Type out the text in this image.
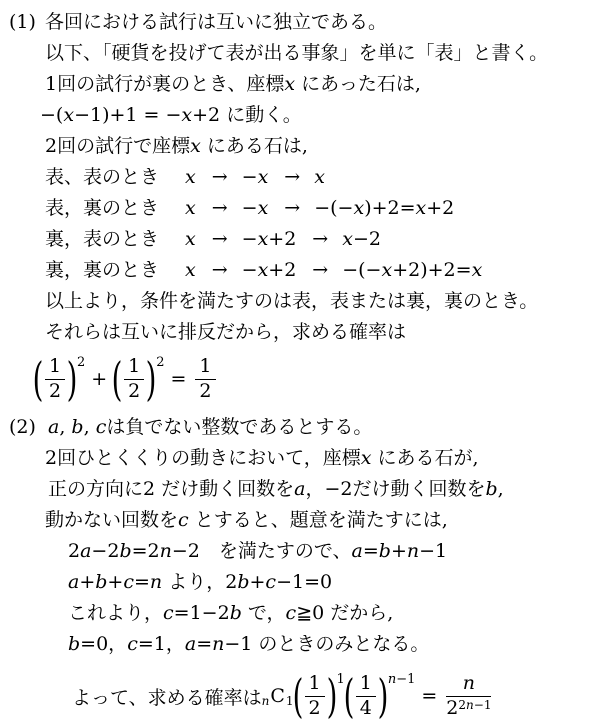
(1) 各回における試行は互いに独立である。
以下、「硬貨を投げて表が出る事象」を単に「表」と書く。
1回の試行が裏のとき、座標x にあった石は,
−(x−1)+1 = −x+2 に動く。
2回の試行で座標x にある石は,
表、表のとき x → −x → x
表，裏のとき x → −x → −(−x)+2=x+2
裏，表のとき x → −x+2 → x−2
裏，裏のとき x → −x+2 → −(−x+2)+2=x
以上より，条件を満たすのは表，表または裏，裏のとき。
それらは互いに排反だから，求める確率は
( $\frac{1}{2}$ ) 2
+ ( $\frac{1}{2}$ ) 2
= $\frac{1}{2}$
(2) a, b, cは負でない整数であるとする。
2回ひとくくりの動きにおいて，座標x にある石が,
正の方向に2 だけ動く回数をa，−2だけ動く回数をb,
動かない回数をc とすると、題意を満たすには,
2a−2b=2n−2　を満たすので、a=b+n−1
a+b+c=n より，2b+c−1=0
これより，c=1−2b で，c≧0 だから,
b=0，c=1，a=n−1 のときのみとなる。
よって、求める確率は $_n$ $C_1$
( $\frac{1}{2}$ ) 1
( $\frac{1}{4}$ ) n−1
= $\frac{n}{2^{2n-1}}$
